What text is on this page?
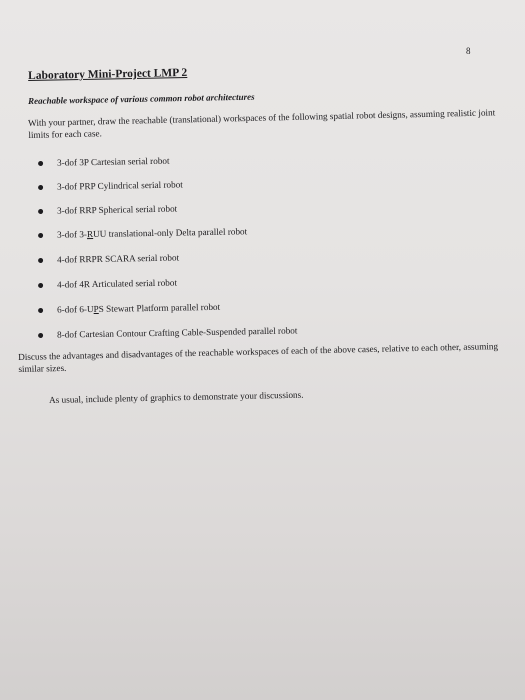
8
Laboratory Mini-Project LMP 2
Reachable workspace of various common robot architectures
With your partner, draw the reachable (translational) workspaces of the following spatial robot designs, assuming realistic joint limits for each case.
3-dof 3P Cartesian serial robot
3-dof PRP Cylindrical serial robot
3-dof RRP Spherical serial robot
3-dof 3-RUU translational-only Delta parallel robot
4-dof RRPR SCARA serial robot
4-dof 4R Articulated serial robot
6-dof 6-UPS Stewart Platform parallel robot
8-dof Cartesian Contour Crafting Cable-Suspended parallel robot
Discuss the advantages and disadvantages of the reachable workspaces of each of the above cases, relative to each other, assuming similar sizes.
As usual, include plenty of graphics to demonstrate your discussions.
